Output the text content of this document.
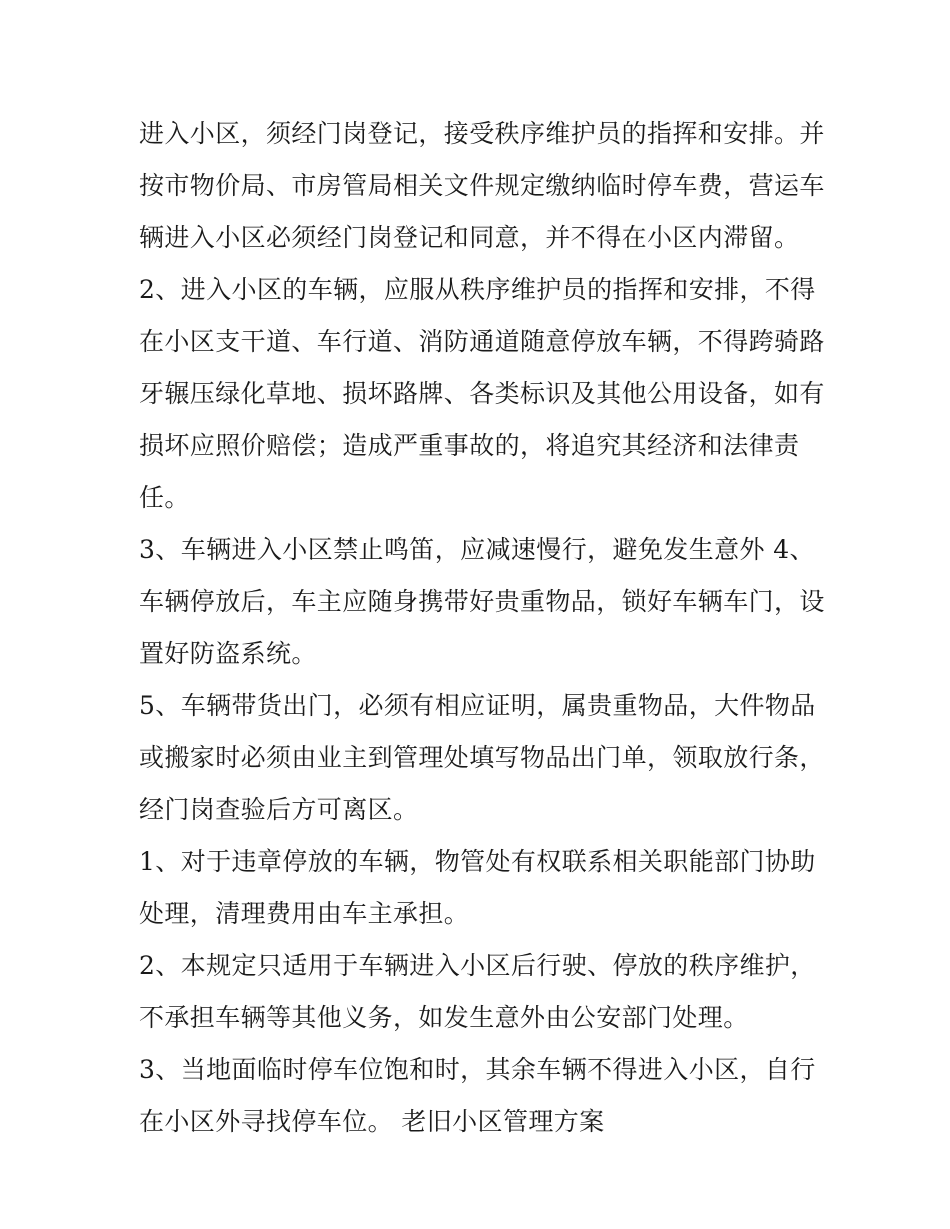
进入小区，须经门岗登记，接受秩序维护员的指挥和安排。并
按市物价局、市房管局相关文件规定缴纳临时停车费，营运车
辆进入小区必须经门岗登记和同意，并不得在小区内滞留。
2、进入小区的车辆，应服从秩序维护员的指挥和安排，不得
在小区支干道、车行道、消防通道随意停放车辆，不得跨骑路
牙辗压绿化草地、损坏路牌、各类标识及其他公用设备，如有
损坏应照价赔偿；造成严重事故的，将追究其经济和法律责
任。
3、车辆进入小区禁止鸣笛，应减速慢行，避免发生意外 4、
车辆停放后，车主应随身携带好贵重物品，锁好车辆车门，设
置好防盗系统。
5、车辆带货出门，必须有相应证明，属贵重物品，大件物品
或搬家时必须由业主到管理处填写物品出门单，领取放行条，
经门岗查验后方可离区。
1、对于违章停放的车辆，物管处有权联系相关职能部门协助
处理，清理费用由车主承担。
2、本规定只适用于车辆进入小区后行驶、停放的秩序维护，
不承担车辆等其他义务，如发生意外由公安部门处理。
3、当地面临时停车位饱和时，其余车辆不得进入小区，自行
在小区外寻找停车位。 老旧小区管理方案
